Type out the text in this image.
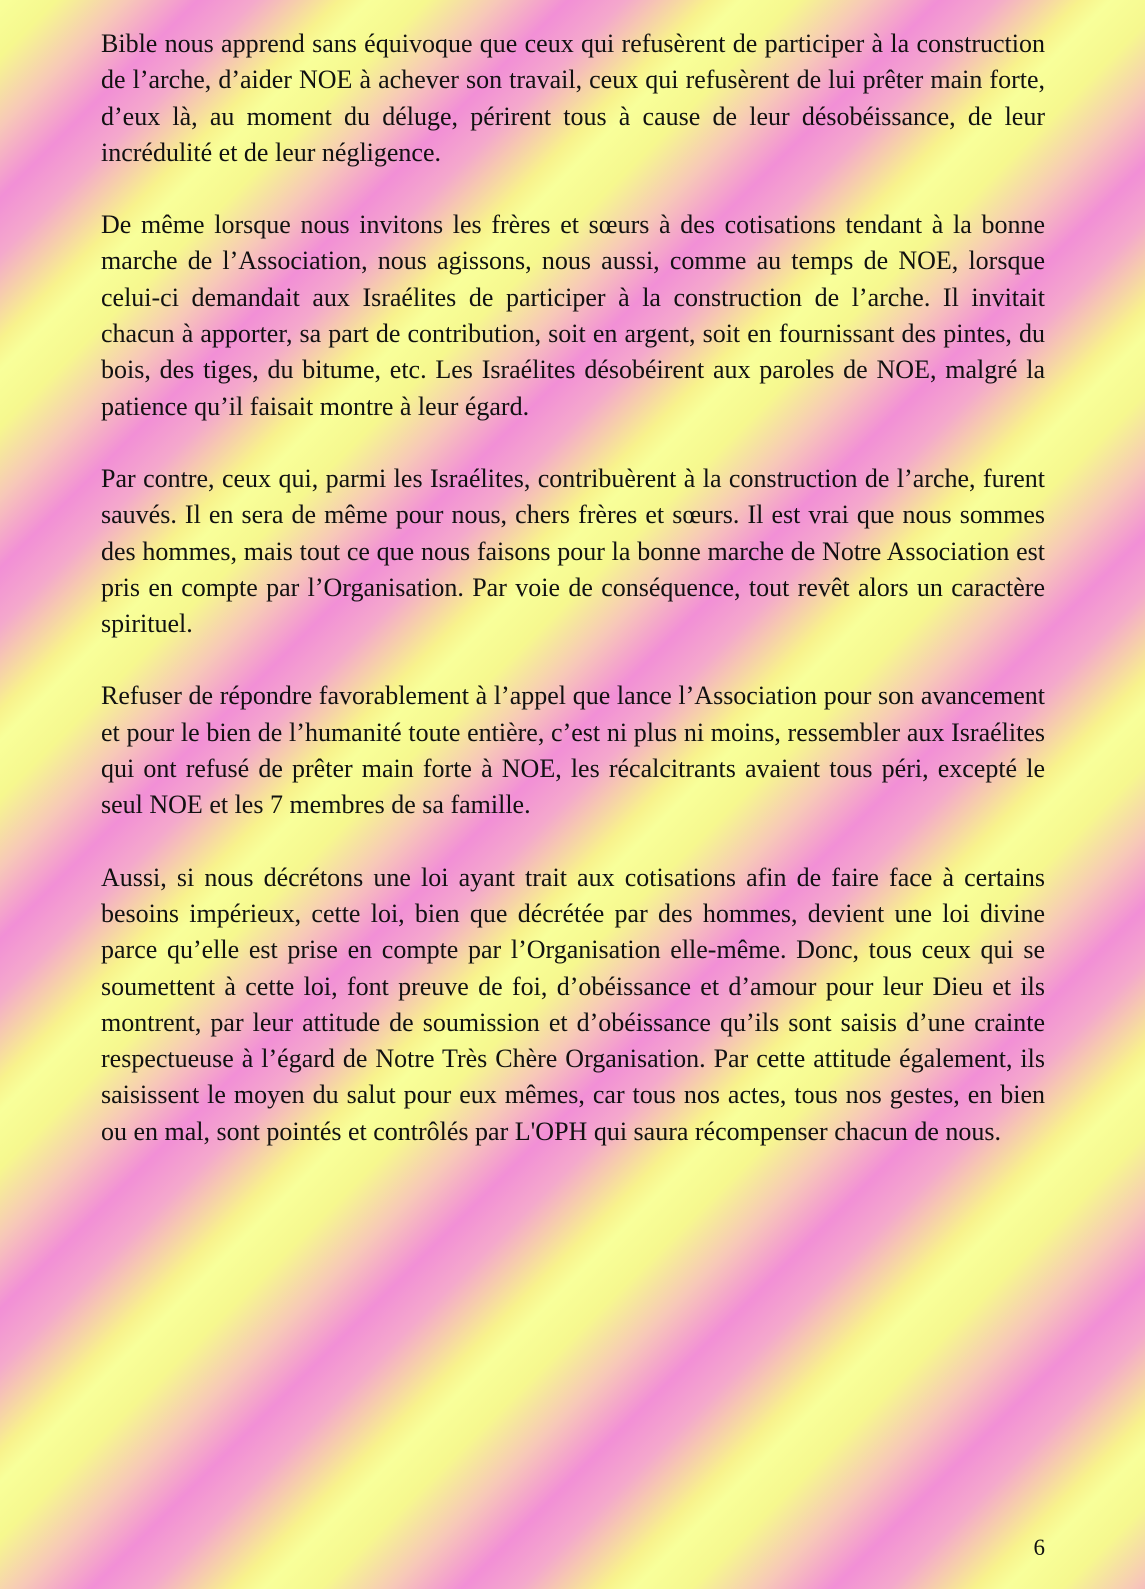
Bible nous apprend sans équivoque que ceux qui refusèrent de participer à la construction de l’arche, d’aider NOE à achever son travail, ceux qui refusèrent de lui prêter main forte, d’eux là, au moment du déluge, périrent tous à cause de leur désobéissance, de leur incrédulité et de leur négligence.

De même lorsque nous invitons les frères et sœurs à des cotisations tendant à la bonne marche de l’Association, nous agissons, nous aussi, comme au temps de NOE, lorsque celui-ci demandait aux Israélites de participer à la construction de l’arche. Il invitait chacun à apporter, sa part de contribution, soit en argent, soit en fournissant des pintes, du bois, des tiges, du bitume, etc. Les Israélites désobéirent aux paroles de NOE, malgré la patience qu’il faisait montre à leur égard.

Par contre, ceux qui, parmi les Israélites, contribuèrent à la construction de l’arche, furent sauvés. Il en sera de même pour nous, chers frères et sœurs. Il est vrai que nous sommes des hommes, mais tout ce que nous faisons pour la bonne marche de Notre Association est pris en compte par l’Organisation. Par voie de conséquence, tout revêt alors un caractère spirituel.

Refuser de répondre favorablement à l’appel que lance l’Association pour son avancement et pour le bien de l’humanité toute entière, c’est ni plus ni moins, ressembler aux Israélites qui ont refusé de prêter main forte à NOE, les récalcitrants avaient tous péri, excepté le seul NOE et les 7 membres de sa famille.

Aussi, si nous décrétons une loi ayant trait aux cotisations afin de faire face à certains besoins impérieux, cette loi, bien que décrétée par des hommes, devient une loi divine parce qu’elle est prise en compte par l’Organisation elle-même. Donc, tous ceux qui se soumettent à cette loi, font preuve de foi, d’obéissance et d’amour pour leur Dieu et ils montrent, par leur attitude de soumission et d’obéissance qu’ils sont saisis d’une crainte respectueuse à l’égard de Notre Très Chère Organisation. Par cette attitude également, ils saisissent le moyen du salut pour eux mêmes, car tous nos actes, tous nos gestes, en bien ou en mal, sont pointés et contrôlés par L'OPH qui saura récompenser chacun de nous.

6
